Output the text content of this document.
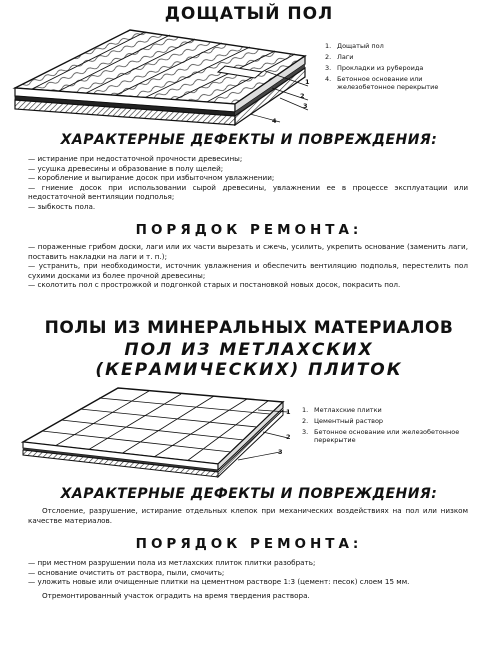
ДОЩАТЫЙ ПОЛ
1
2
3
4
1. Дощатый пол
2. Лаги
3. Прокладки из рубероида
4. Бетонное основание или железобетонное перекрытие
ХАРАКТЕРНЫЕ ДЕФЕКТЫ И ПОВРЕЖДЕНИЯ:

— истирание при недостаточной прочности древесины;

— усушка древесины и образование в полу щелей;

— коробление и выпирание досок при избыточном увлажнении;

— гниение досок при использовании сырой древесины, увлажнении ее в процессе эксплуатации или недостаточной вентиляции подполья;

— зыбкость пола.

ПОРЯДОК РЕМОНТА:

— пораженные грибом доски, лаги или их части вырезать и сжечь, усилить, укрепить основание (заменить лаги, поставить накладки на лаги и т. п.);

— устранить, при необходимости, источник увлажнения и обеспечить вентиляцию подполья, переcтелить пол сухими досками из более прочной древесины;

— сколотить пол с прострожкой и подгонкой старых и постановкой новых досок, покрасить пол.

ПОЛЫ ИЗ МИНЕРАЛЬНЫХ МАТЕРИАЛОВ
ПОЛ ИЗ МЕТЛАХСКИХ
(КЕРАМИЧЕСКИХ) ПЛИТОК
1
2
3
1. Метлахские плитки
2. Цементный раствор
3. Бетонное основание или железобетонное перекрытие
ХАРАКТЕРНЫЕ ДЕФЕКТЫ И ПОВРЕЖДЕНИЯ:

Отслоение, разрушение, истирание отдельных клепок при механических воздействиях на пол или низком качестве материалов.

ПОРЯДОК РЕМОНТА:

— при местном разрушении пола из метлахских плиток плитки разобрать;

— основание очистить от раствора, пыли, смочить;

— уложить новые или очищенные плитки на цементном растворе 1:3 (цемент: песок) слоем 15 мм.

Отремонтированный участок оградить на время твердения раствора.
